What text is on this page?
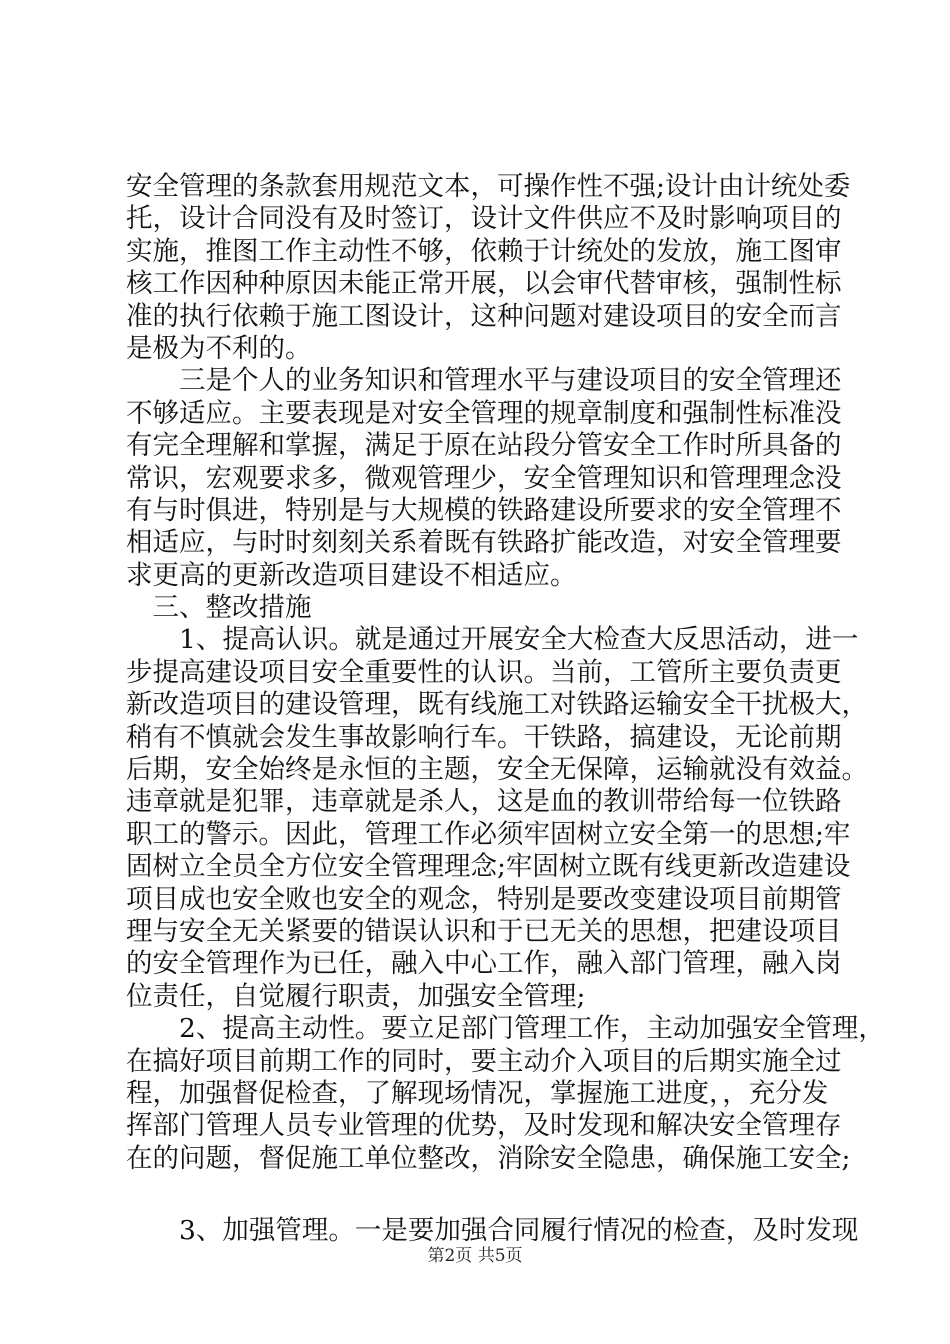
安全管理的条款套用规范文本，可操作性不强;设计由计统处委
托，设计合同没有及时签订，设计文件供应不及时影响项目的
实施，推图工作主动性不够，依赖于计统处的发放，施工图审
核工作因种种原因未能正常开展，以会审代替审核，强制性标
准的执行依赖于施工图设计，这种问题对建设项目的安全而言
是极为不利的。
　　三是个人的业务知识和管理水平与建设项目的安全管理还
不够适应。主要表现是对安全管理的规章制度和强制性标准没
有完全理解和掌握，满足于原在站段分管安全工作时所具备的
常识，宏观要求多，微观管理少，安全管理知识和管理理念没
有与时俱进，特别是与大规模的铁路建设所要求的安全管理不
相适应，与时时刻刻关系着既有铁路扩能改造，对安全管理要
求更高的更新改造项目建设不相适应。
　三、整改措施
　　1、提高认识。就是通过开展安全大检查大反思活动，进一
步提高建设项目安全重要性的认识。当前，工管所主要负责更
新改造项目的建设管理，既有线施工对铁路运输安全干扰极大，
稍有不慎就会发生事故影响行车。干铁路，搞建设，无论前期
后期，安全始终是永恒的主题，安全无保障，运输就没有效益。
违章就是犯罪，违章就是杀人，这是血的教训带给每一位铁路
职工的警示。因此，管理工作必须牢固树立安全第一的思想;牢
固树立全员全方位安全管理理念;牢固树立既有线更新改造建设
项目成也安全败也安全的观念，特别是要改变建设项目前期管
理与安全无关紧要的错误认识和于已无关的思想，把建设项目
的安全管理作为已任，融入中心工作，融入部门管理，融入岗
位责任，自觉履行职责，加强安全管理;
　　2、提高主动性。要立足部门管理工作，主动加强安全管理，
在搞好项目前期工作的同时，要主动介入项目的后期实施全过
程，加强督促检查，了解现场情况，掌握施工进度，，充分发
挥部门管理人员专业管理的优势，及时发现和解决安全管理存
在的问题，督促施工单位整改，消除安全隐患，确保施工安全;
　　3、加强管理。一是要加强合同履行情况的检查，及时发现
第2页 共5页
